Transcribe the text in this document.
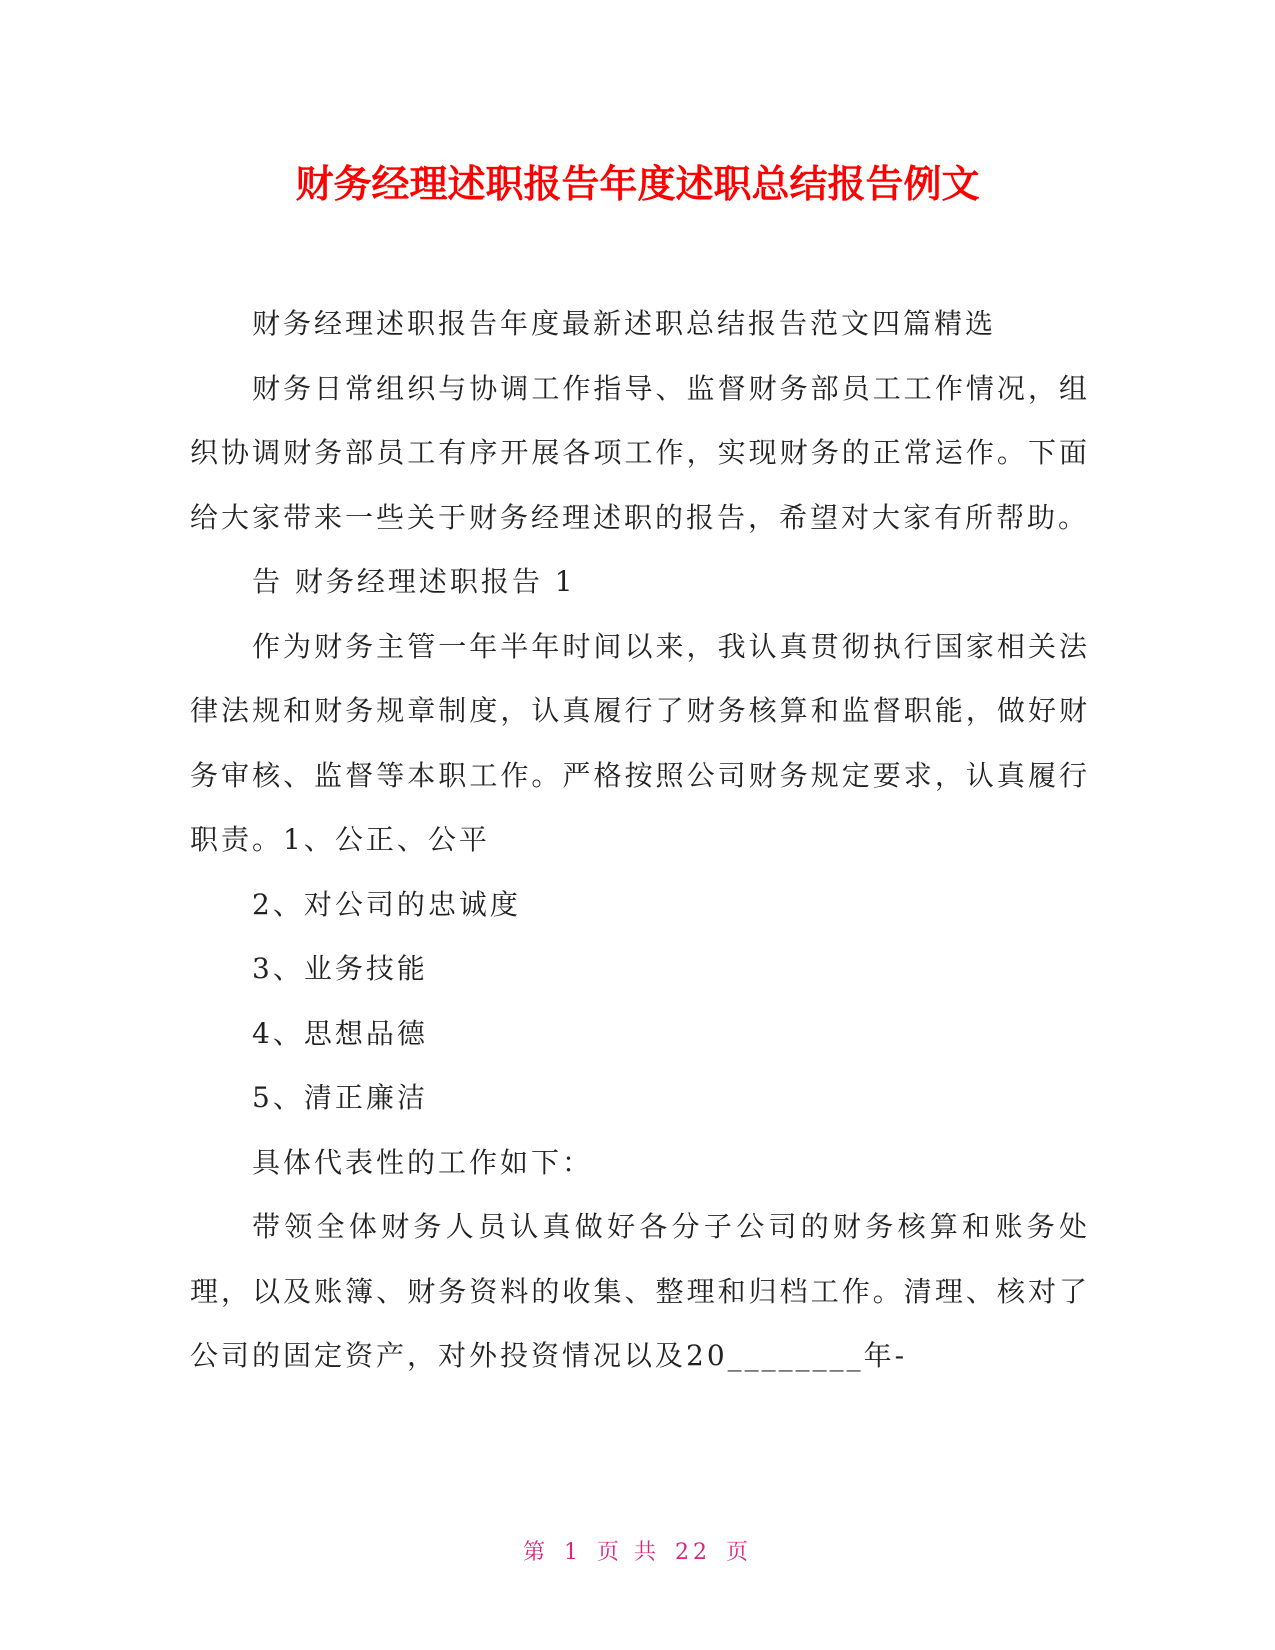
财务经理述职报告年度述职总结报告例文

财务经理述职报告年度最新述职总结报告范文四篇精选

财务日常组织与协调工作指导、监督财务部员工工作情况，组织协调财务部员工有序开展各项工作，实现财务的正常运作。下面给大家带来一些关于财务经理述职的报告，希望对大家有所帮助。

告 财务经理述职报告 1

作为财务主管一年半年时间以来，我认真贯彻执行国家相关法律法规和财务规章制度，认真履行了财务核算和监督职能，做好财务审核、监督等本职工作。严格按照公司财务规定要求，认真履行职责。1、公正、公平

2、对公司的忠诚度

3、业务技能

4、思想品德

5、清正廉洁

具体代表性的工作如下：

带领全体财务人员认真做好各分子公司的财务核算和账务处理，以及账簿、财务资料的收集、整理和归档工作。清理、核对了公司的固定资产，对外投资情况以及20________年-

第 1 页 共 22 页
